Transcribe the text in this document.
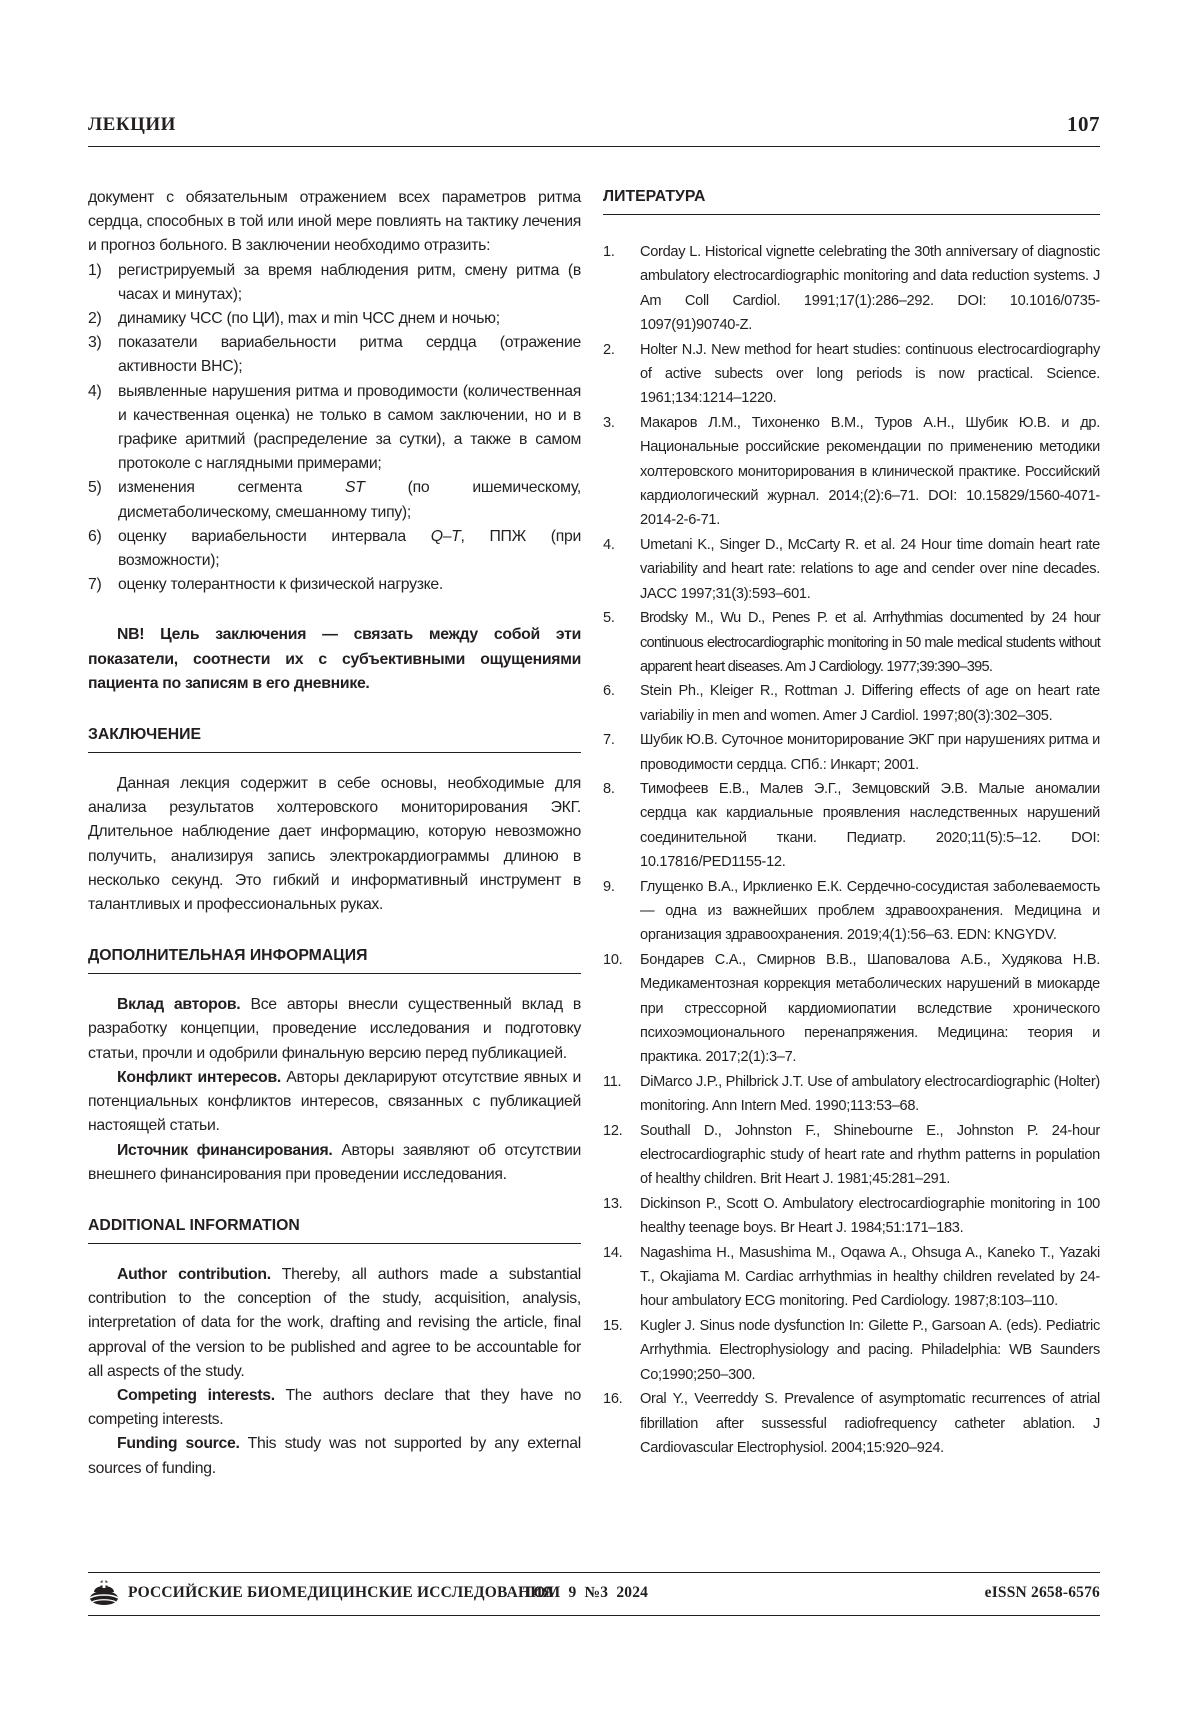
ЛЕКЦИИ	107

документ с обязательным отражением всех параметров ритма сердца, способных в той или иной мере повлиять на тактику лечения и прогноз больного. В заключении необходимо отразить:

1)	регистрируемый за время наблюдения ритм, смену ритма (в часах и минутах);
2)	динамику ЧСС (по ЦИ), max и min ЧСС днем и ночью;
3)	показатели вариабельности ритма сердца (отражение активности ВНС);
4)	выявленные нарушения ритма и проводимости (количественная и качественная оценка) не только в самом заключении, но и в графике аритмий (распределение за сутки), а также в самом протоколе с наглядными примерами;
5)	изменения сегмента ST (по ишемическому, дисметаболическому, смешанному типу);
6)	оценку вариабельности интервала Q–T, ППЖ (при возможности);
7)	оценку толерантности к физической нагрузке.

NB! Цель заключения — связать между собой эти показатели, соотнести их с субъективными ощущениями пациента по записям в его дневнике.

ЗАКЛЮЧЕНИЕ

Данная лекция содержит в себе основы, необходимые для анализа результатов холтеровского мониторирования ЭКГ. Длительное наблюдение дает информацию, которую невозможно получить, анализируя запись электрокардиограммы длиною в несколько секунд. Это гибкий и информативный инструмент в талантливых и профессиональных руках.

ДОПОЛНИТЕЛЬНАЯ ИНФОРМАЦИЯ

Вклад авторов. Все авторы внесли существенный вклад в разработку концепции, проведение исследования и подготовку статьи, прочли и одобрили финальную версию перед публикацией.

Конфликт интересов. Авторы декларируют отсутствие явных и потенциальных конфликтов интересов, связанных с публикацией настоящей статьи.

Источник финансирования. Авторы заявляют об отсутствии внешнего финансирования при проведении исследования.

ADDITIONAL INFORMATION

Author contribution. Thereby, all authors made a substantial contribution to the conception of the study, acquisition, analysis, interpretation of data for the work, drafting and revising the article, final approval of the version to be published and agree to be accountable for all aspects of the study.

Competing interests. The authors declare that they have no competing interests.

Funding source. This study was not supported by any external sources of funding.

ЛИТЕРАТУРА
1.	Corday L. Historical vignette celebrating the 30th anniversary of diagnostic ambulatory electrocardiographic monitoring and data reduction systems. J Am Coll Cardiol. 1991;17(1):286–292. DOI: 10.1016/0735-1097(91)90740-Z.
2.	Holter N.J. New method for heart studies: continuous electrocardiography of active subects over long periods is now practical. Science. 1961;134:1214–1220.
3.	Макаров Л.М., Тихоненко В.М., Туров А.Н., Шубик Ю.В. и др. Национальные российские рекомендации по применению методики холтеровского мониторирования в клинической практике. Российский кардиологический журнал. 2014;(2):6–71. DOI: 10.15829/1560-4071-2014-2-6-71.
4.	Umetani K., Singer D., McCarty R. et al. 24 Hour time domain heart rate variability and heart rate: relations to age and cender over nine decades. JACC 1997;31(3):593–601.
5.	Brodsky M., Wu D., Penes P. et al. Arrhythmias documented by 24 hour continuous electrocardiographic monitoring in 50 male medical students without apparent heart diseases. Am J Cardiology. 1977;39:390–395.
6.	Stein Ph., Kleiger R., Rottman J. Differing effects of age on heart rate variabiliy in men and women. Amer J Cardiol. 1997;80(3):302–305.
7.	Шубик Ю.В. Суточное мониторирование ЭКГ при нарушениях ритма и проводимости сердца. СПб.: Инкарт; 2001.
8.	Тимофеев Е.В., Малев Э.Г., Земцовский Э.В. Малые аномалии сердца как кардиальные проявления наследственных нарушений соединительной ткани. Педиатр. 2020;11(5):5–12. DOI: 10.17816/PED1155-12.
9.	Глущенко В.А., Ирклиенко Е.К. Сердечно-сосудистая заболеваемость — одна из важнейших проблем здравоохранения. Медицина и организация здравоохранения. 2019;4(1):56–63. EDN: KNGYDV.
10.	Бондарев С.А., Смирнов В.В., Шаповалова А.Б., Худякова Н.В. Медикаментозная коррекция метаболических нарушений в миокарде при стрессорной кардиомиопатии вследствие хронического психоэмоционального перенапряжения. Медицина: теория и практика. 2017;2(1):3–7.
11.	DiMarco J.P., Philbrick J.T. Use of ambulatory electrocardiographic (Holter) monitoring. Ann Intern Med. 1990;113:53–68.
12.	Southall D., Johnston F., Shinebourne E., Johnston P. 24-hour electrocardiographic study of heart rate and rhythm patterns in population of healthy children. Brit Heart J. 1981;45:281–291.
13.	Dickinson P., Scott O. Ambulatory electrocardiographie monitoring in 100 healthy teenage boys. Br Heart J. 1984;51:171–183.
14.	Nagashima H., Masushima M., Oqawa A., Ohsuga A., Kaneko T., Yazaki T., Okajiama M. Cardiac arrhythmias in healthy children revelated by 24-hour ambulatory ECG monitoring. Ped Cardiology. 1987;8:103–110.
15.	Kugler J. Sinus node dysfunction In: Gilette P., Garsoan A. (eds). Pediatric Arrhythmia. Electrophysiology and pacing. Philadelphia: WB Saunders Co;1990;250–300.
16.	Oral Y., Veerreddy S. Prevalence of asymptomatic recurrences of atrial fibrillation after sussessful radiofrequency catheter ablation. J Cardiovascular Electrophysiol. 2004;15:920–924.
РОССИЙСКИЕ БИОМЕДИЦИНСКИЕ ИССЛЕДОВАНИЯ
ТОМ 9 №3 2024	eISSN 2658-6576
